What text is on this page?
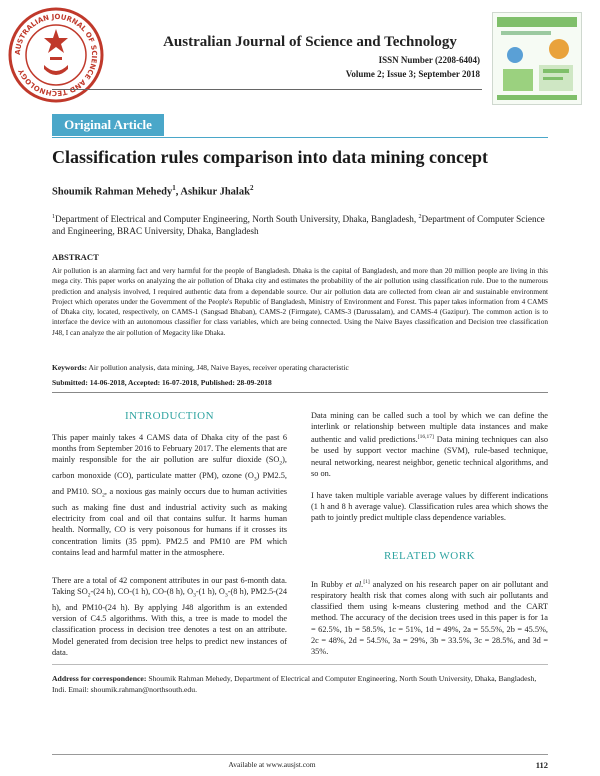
AUSTRALIAN JOURNAL OF SCIENCE AND TECHNOLOGY
Australian Journal of Science and Technology
ISSN Number (2208-6404)
Volume 2; Issue 3; September 2018
Original Article
Classification rules comparison into data mining concept
Shoumik Rahman Mehedy$^1$, Ashikur Jhalak$^2$
$^1$Department of Electrical and Computer Engineering, North South University, Dhaka, Bangladesh, $^2$Department of Computer Science and Engineering, BRAC University, Dhaka, Bangladesh
ABSTRACT
Air pollution is an alarming fact and very harmful for the people of Bangladesh. Dhaka is the capital of Bangladesh, and more than 20 million people are living in this mega city. This paper works on analyzing the air pollution of Dhaka city and estimates the probability of the air pollution using classification rule. Due to the numerous prediction and analysis involved, I required authentic data from a dependable source. Our air pollution data are collected from clean air and sustainable environment Project which operates under the Government of the People's Republic of Bangladesh, Ministry of Environment and Forest. This paper takes information from 4 CAMS of Dhaka city, located, respectively, on CAMS-1 (Sangsad Bhaban), CAMS-2 (Firmgate), CAMS-3 (Darussalam), and CAMS-4 (Gazipur). The common action is to interface the device with an autonomous classifier for class variables, which are being connected. Using the Naive Bayes classification and Decision tree classification J48, I can analyze the air pollution of Megacity like Dhaka.
Keywords: Air pollution analysis, data mining, J48, Naive Bayes, receiver operating characteristic
Submitted: 14-06-2018, Accepted: 16-07-2018, Published: 28-09-2018
INTRODUCTION
This paper mainly takes 4 CAMS data of Dhaka city of the past 6 months from September 2016 to February 2017. The elements that are mainly responsible for the air pollution are sulfur dioxide $(SO_2)$, carbon monoxide (CO), particulate matter (PM), ozone $(O_3)$ PM2.5, and PM10. $SO_2$, a noxious gas mainly occurs due to human activities such as making fine dust and industrial activity such as making electricity from coal and oil that contains sulfur. It harms human health. Normally, CO is very poisonous for humans if it crosses its concentration limits (35 ppm). PM2.5 and PM10 are PM which contains lead and harmful matter in the atmosphere.
There are a total of 42 component attributes in our past 6-month data. Taking $SO_2-(24$ h), CO-(1 h), CO-(8 h), $O_3-(1$ h), $O_3-(8$ h), PM2.5-(24 h), and PM10-(24 h). By applying J48 algorithm is an extended version of C4.5 algorithms. With this, a tree is made to model the classification process in decision tree denotes a test on an attribute. Model generated from decision tree helps to predict new instances of data.
Data mining can be called such a tool by which we can define the interlink or relationship between multiple data instances and make authentic and valid predictions.[16,17] Data mining techniques can also be used by support vector machine (SVM), rule-based technique, neural networking, nearest neighbor, genetic technical algorithms, and so on.
I have taken multiple variable average values by different indications (1 h and 8 h average value). Classification rules area which shows the path to jointly predict multiple class dependence variables.
RELATED WORK
In Rubby et al.[1] analyzed on his research paper on air pollutant and respiratory health risk that comes along with such air pollutants and classified them using k-means clustering method and the CART method. The accuracy of the decision trees used in this paper is for 1a = 62.5%, 1b = 58.5%, 1c = 51%, 1d = 49%, 2a = 55.5%, 2b = 45.5%, 2c = 48%, 2d = 54.5%, 3a = 29%, 3b = 33.5%, 3c = 28.5%, and 3d = 35%.
Address for correspondence: Shoumik Rahman Mehedy, Department of Electrical and Computer Engineering, North South University, Dhaka, Bangladesh, Indi. Email: shoumik.rahman@northsouth.edu.
Available at www.ausjst.com	112
